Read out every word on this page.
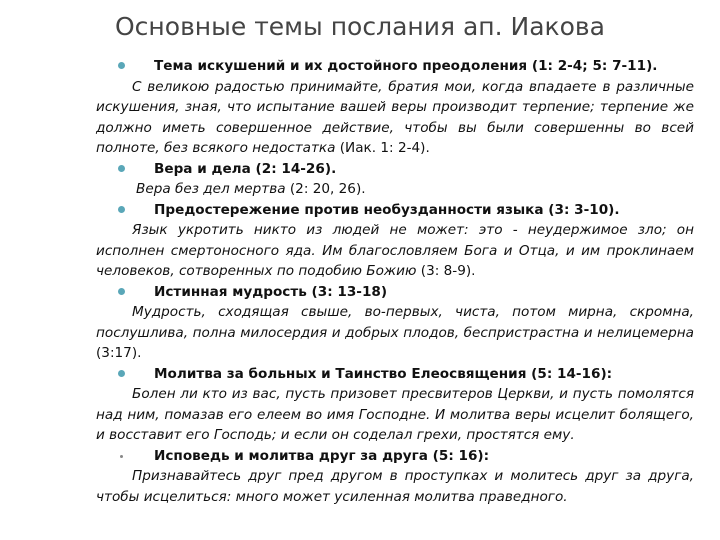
Основные темы послания ап. Иакова
Тема искушений и их достойного преодоления (1: 2-4; 5: 7-11).
С великою радостью принимайте, братия мои, когда впадаете в различные искушения, зная, что испытание вашей веры производит терпение; терпение же должно иметь совершенное действие, чтобы вы были совершенны во всей полноте, без всякого недостатка (Иак. 1: 2-4).
Вера и дела (2: 14-26).
Вера без дел мертва (2: 20, 26).
Предостережение против необузданности языка (3: 3-10).
Язык укротить никто из людей не может: это - неудержимое зло; он исполнен смертоносного яда. Им благословляем Бога и Отца, и им проклинаем человеков, сотворенных по подобию Божию (3: 8-9).
Истинная мудрость (3: 13-18)
Мудрость, сходящая свыше, во-первых, чиста, потом мирна, скромна, послушлива, полна милосердия и добрых плодов, беспристрастна и нелицемерна (3:17).
Молитва за больных и Таинство Елеосвящения (5: 14-16):
Болен ли кто из вас, пусть призовет пресвитеров Церкви, и пусть помолятся над ним, помазав его елеем во имя Господне. И молитва веры исцелит болящего, и восставит его Господь; и если он соделал грехи, простятся ему.
Исповедь и молитва друг за друга (5: 16):
Признавайтесь друг пред другом в проступках и молитесь друг за друга, чтобы исцелиться: много может усиленная молитва праведного.
